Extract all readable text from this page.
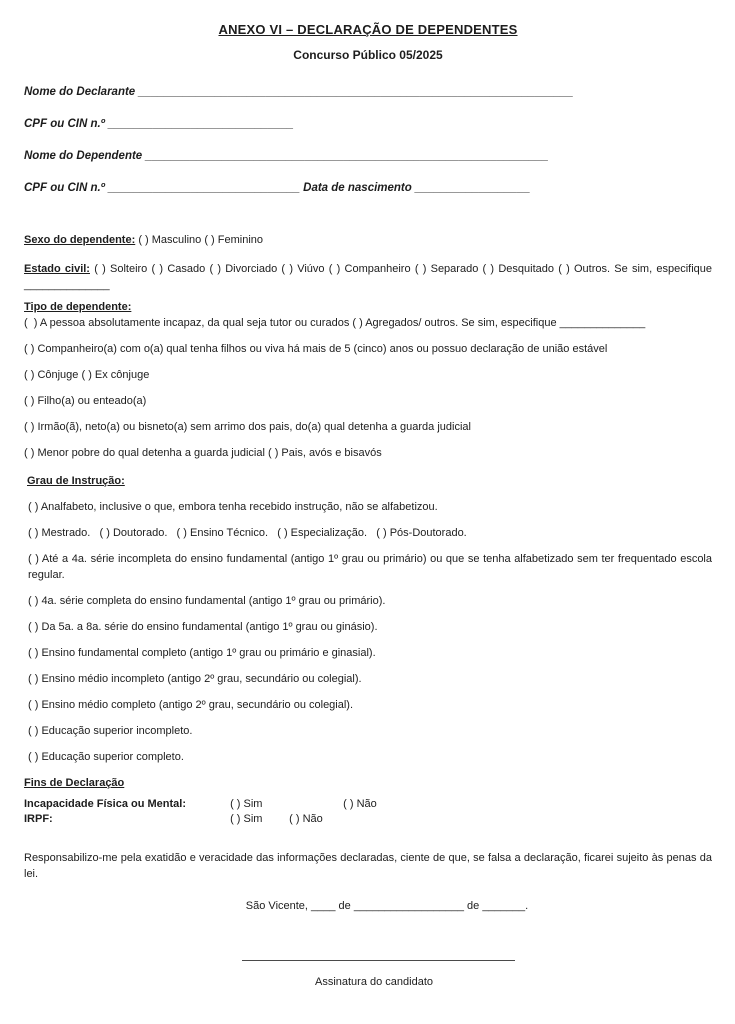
ANEXO VI – DECLARAÇÃO DE DEPENDENTES
Concurso Público 05/2025
Nome do Declarante ____________________________________________________________________
CPF ou CIN n.º _____________________________
Nome do Dependente _______________________________________________________________
CPF ou CIN n.º ______________________________ Data de nascimento __________________
Sexo do dependente: ( ) Masculino ( ) Feminino
Estado civil: ( ) Solteiro ( ) Casado ( ) Divorciado ( ) Viúvo ( ) Companheiro ( ) Separado ( ) Desquitado ( ) Outros. Se sim, especifique ______________
Tipo de dependente:
(  ) A pessoa absolutamente incapaz, da qual seja tutor ou curados ( ) Agregados/ outros. Se sim, especifique ______________
( ) Companheiro(a) com o(a) qual tenha filhos ou viva há mais de 5 (cinco) anos ou possuo declaração de união estável
( ) Cônjuge ( ) Ex cônjuge
( ) Filho(a) ou enteado(a)
( ) Irmão(ã), neto(a) ou bisneto(a) sem arrimo dos pais, do(a) qual detenha a guarda judicial
( ) Menor pobre do qual detenha a guarda judicial ( ) Pais, avós e bisavós
Grau de Instrução:
( ) Analfabeto, inclusive o que, embora tenha recebido instrução, não se alfabetizou.
( ) Mestrado.   ( ) Doutorado.   ( ) Ensino Técnico.   ( ) Especialização.   ( ) Pós-Doutorado.
( ) Até a 4a. série incompleta do ensino fundamental (antigo 1º grau ou primário) ou que se tenha alfabetizado sem ter frequentado escola regular.
( ) 4a. série completa do ensino fundamental (antigo 1º grau ou primário).
( ) Da 5a. a 8a. série do ensino fundamental (antigo 1º grau ou ginásio).
( ) Ensino fundamental completo (antigo 1º grau ou primário e ginasial).
( ) Ensino médio incompleto (antigo 2º grau, secundário ou colegial).
( ) Ensino médio completo (antigo 2º grau, secundário ou colegial).
( ) Educação superior incompleto.
( ) Educação superior completo.
Fins de Declaração
Incapacidade Física ou Mental:	( ) Sim	( ) Não
IRPF:	( ) Sim ( ) Não
Responsabilizo-me pela exatidão e veracidade das informações declaradas, ciente de que, se falsa a declaração, ficarei sujeito às penas da lei.
São Vicente, ____ de __________________ de _______.
Assinatura do candidato
